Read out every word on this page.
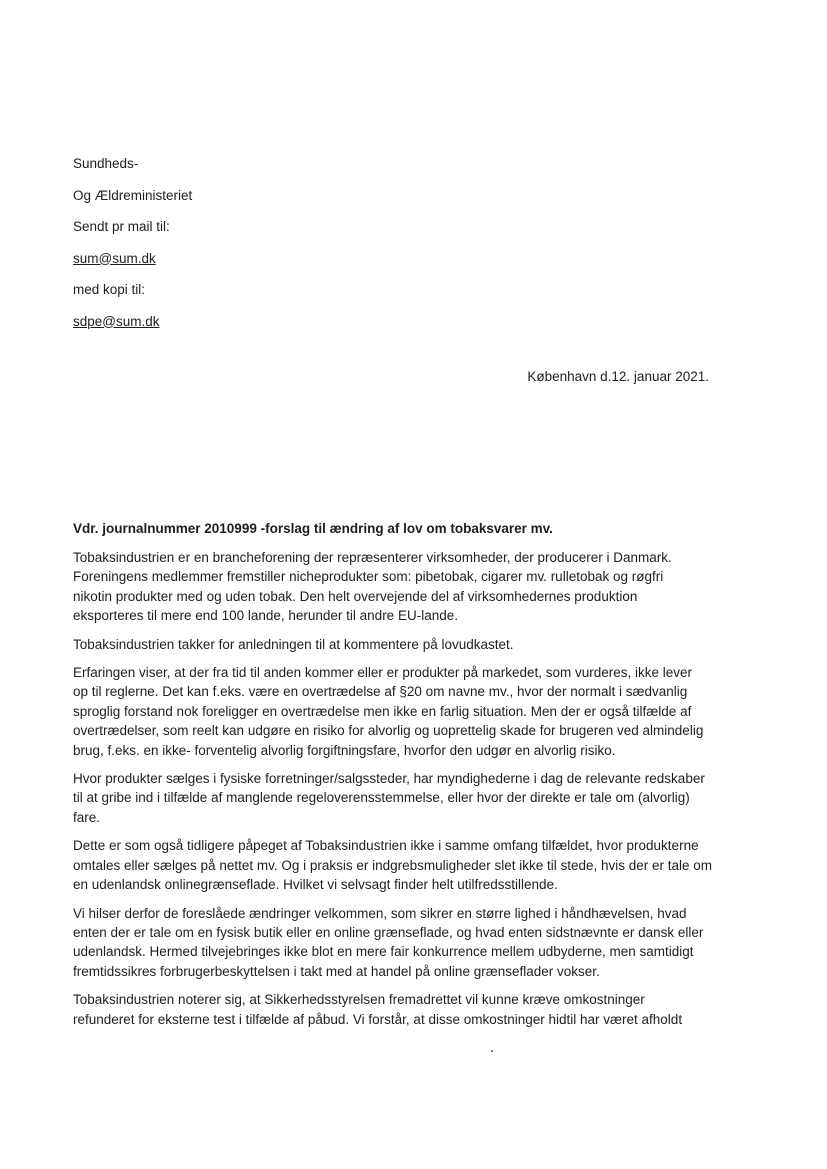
Sundheds-
Og Ældreministeriet
Sendt pr mail til:
sum@sum.dk
med kopi til:
sdpe@sum.dk
København d.12. januar 2021.
Vdr. journalnummer 2010999 -forslag til ændring af lov om tobaksvarer mv.
Tobaksindustrien er en brancheforening der repræsenterer virksomheder, der producerer i Danmark.
Foreningens medlemmer fremstiller nicheprodukter som: pibetobak, cigarer mv. rulletobak og røgfri
nikotin produkter med og uden tobak. Den helt overvejende del af virksomhedernes produktion
eksporteres til mere end 100 lande, herunder til andre EU-lande.
Tobaksindustrien takker for anledningen til at kommentere på lovudkastet.
Erfaringen viser, at der fra tid til anden kommer eller er produkter på markedet, som vurderes, ikke lever
op til reglerne. Det kan f.eks. være en overtrædelse af §20 om navne mv., hvor der normalt i sædvanlig
sproglig forstand nok foreligger en overtrædelse men ikke en farlig situation. Men der er også tilfælde af
overtrædelser, som reelt kan udgøre en risiko for alvorlig og uoprettelig skade for brugeren ved almindelig
brug, f.eks. en ikke- forventelig alvorlig forgiftningsfare, hvorfor den udgør en alvorlig risiko.
Hvor produkter sælges i fysiske forretninger/salgssteder, har myndighederne i dag de relevante redskaber
til at gribe ind i tilfælde af manglende regeloverensstemmelse, eller hvor der direkte er tale om (alvorlig)
fare.
Dette er som også tidligere påpeget af Tobaksindustrien ikke i samme omfang tilfældet, hvor produkterne
omtales eller sælges på nettet mv. Og i praksis er indgrebsmuligheder slet ikke til stede, hvis der er tale om
en udenlandsk onlinegrænseflade. Hvilket vi selvsagt finder helt utilfredsstillende.
Vi hilser derfor de foreslåede ændringer velkommen, som sikrer en større lighed i håndhævelsen, hvad
enten der er tale om en fysisk butik eller en online grænseflade, og hvad enten sidstnævnte er dansk eller
udenlandsk. Hermed tilvejebringes ikke blot en mere fair konkurrence mellem udbyderne, men samtidigt
fremtidssikres forbrugerbeskyttelsen i takt med at handel på online grænseflader vokser.
Tobaksindustrien noterer sig, at Sikkerhedsstyrelsen fremadrettet vil kunne kræve omkostninger
refunderet for eksterne test i tilfælde af påbud. Vi forstår, at disse omkostninger hidtil har været afholdt
